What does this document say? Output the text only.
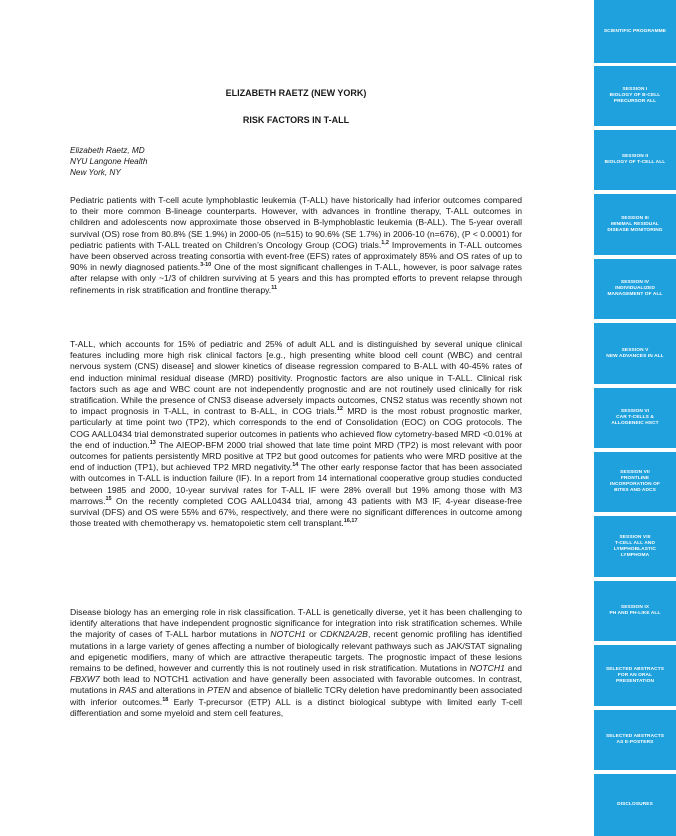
SCIENTIFIC PROGRAMME
SESSION I
BIOLOGY OF B-CELL
PRECURSOR ALL
SESSION II
BIOLOGY OF T-CELL ALL
SESSION III
MINIMAL RESIDUAL
DISEASE MONITORING
SESSION IV
INDIVIDUALIZED
MANAGEMENT OF ALL
SESSION V
NEW ADVANCES IN ALL
SESSION VI
CAR T-CELLS &
ALLOGENEIC HSCT
SESSION VII
FRONTLINE
INCORPORATION OF
BITES AND ADCS
SESSION VIII
T-CELL ALL AND
LYMPHOBLASTIC
LYMPHOMA
SESSION IX
PH AND PH-LIKE ALL
SELECTED ABSTRACTS
FOR AN ORAL
PRESENTATION
SELECTED ABSTRACTS
AS E-POSTERS
DISCLOSURES
ELIZABETH RAETZ (NEW YORK)
RISK FACTORS IN T-ALL
Elizabeth Raetz, MD
NYU Langone Health
New York, NY
Pediatric patients with T-cell acute lymphoblastic leukemia (T-ALL) have historically had inferior outcomes compared to their more common B-lineage counterparts. However, with advances in frontline therapy, T-ALL outcomes in children and adolescents now approximate those observed in B-lymphoblastic leukemia (B-ALL). The 5-year overall survival (OS) rose from 80.8% (SE 1.9%) in 2000-05 (n=515) to 90.6% (SE 1.7%) in 2006-10 (n=676), (P < 0.0001) for pediatric patients with T-ALL treated on Children’s Oncology Group (COG) trials.$^{1,2}$ Improvements in T-ALL outcomes have been observed across treating consortia with event-free (EFS) rates of approximately 85% and OS rates of up to 90% in newly diagnosed patients.$^{3-10}$ One of the most significant challenges in T-ALL, however, is poor salvage rates after relapse with only ~1/3 of children surviving at 5 years and this has prompted efforts to prevent relapse through refinements in risk stratification and frontline therapy.$^{11}$
T-ALL, which accounts for 15% of pediatric and 25% of adult ALL and is distinguished by several unique clinical features including more high risk clinical factors [e.g., high presenting white blood cell count (WBC) and central nervous system (CNS) disease] and slower kinetics of disease regression compared to B-ALL with 40-45% rates of end induction minimal residual disease (MRD) positivity. Prognostic factors are also unique in T-ALL. Clinical risk factors such as age and WBC count are not independently prognostic and are not routinely used clinically for risk stratification. While the presence of CNS3 disease adversely impacts outcomes, CNS2 status was recently shown not to impact prognosis in T-ALL, in contrast to B-ALL, in COG trials.$^{12}$ MRD is the most robust prognostic marker, particularly at time point two (TP2), which corresponds to the end of Consolidation (EOC) on COG protocols. The COG AALL0434 trial demonstrated superior outcomes in patients who achieved flow cytometry-based MRD <0.01% at the end of induction.$^{13}$ The AIEOP-BFM 2000 trial showed that late time point MRD (TP2) is most relevant with poor outcomes for patients persistently MRD positive at TP2 but good outcomes for patients who were MRD positive at the end of induction (TP1), but achieved TP2 MRD negativity.$^{14}$ The other early response factor that has been associated with outcomes in T-ALL is induction failure (IF). In a report from 14 international cooperative group studies conducted between 1985 and 2000, 10-year survival rates for T-ALL IF were 28% overall but 19% among those with M3 marrows.$^{15}$ On the recently completed COG AALL0434 trial, among 43 patients with M3 IF, 4-year disease-free survival (DFS) and OS were 55% and 67%, respectively, and there were no significant differences in outcome among those treated with chemotherapy vs. hematopoietic stem cell transplant.$^{16,17}$
Disease biology has an emerging role in risk classification. T-ALL is genetically diverse, yet it has been challenging to identify alterations that have independent prognostic significance for integration into risk stratification schemes. While the majority of cases of T-ALL harbor mutations in NOTCH1 or CDKN2A/2B, recent genomic profiling has identified mutations in a large variety of genes affecting a number of biologically relevant pathways such as JAK/STAT signaling and epigenetic modifiers, many of which are attractive therapeutic targets. The prognostic impact of these lesions remains to be defined, however and currently this is not routinely used in risk stratification. Mutations in NOTCH1 and FBXW7 both lead to NOTCH1 activation and have generally been associated with favorable outcomes. In contrast, mutations in RAS and alterations in PTEN and absence of biallelic TCRγ deletion have predominantly been associated with inferior outcomes.$^{18}$ Early T-precursor (ETP) ALL is a distinct biological subtype with limited early T-cell differentiation and some myeloid and stem cell features,
